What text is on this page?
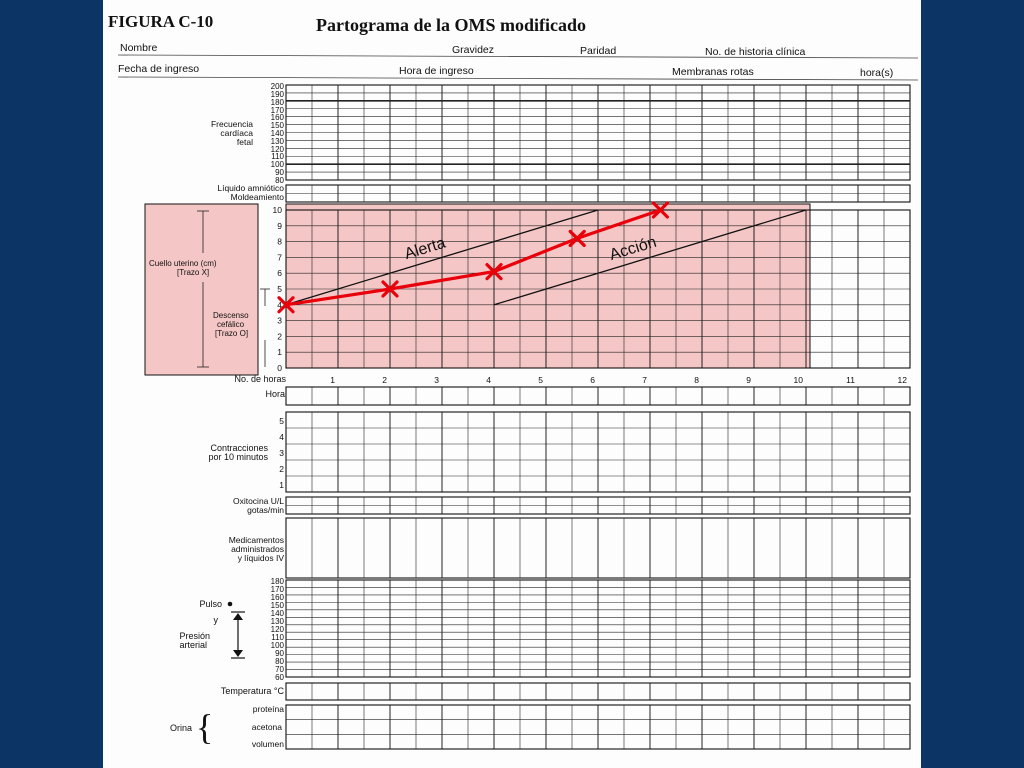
FIGURA C-10	Partograma de la OMS modificado
Nombre	Gravidez	Paridad	No. de historia clínica
Fecha de ingreso	Hora de ingreso	Membranas rotas	hora(s)
Frecuencia
cardíaca
fetal
200
190
180
170
160
150
140
130
120
110
100
90
80
Líquido amniótico
Moldeamiento
Cuello uterino (cm)
[Trazo X]
Descenso
cefálico
[Trazo O]
0
1
2
3
4
5
6
7
8
9
10
Alerta	Acción
No. de horas	1	2	3	4	5	6	7	8	9	10	11	12
Hora
Contracciones
por 10 minutos
5
4
3
2
1
Oxitocina U/L
gotas/min
Medicamentos
administrados
y líquidos IV
Pulso
y
Presión
arterial
180
170
160
150
140
130
120
110
100
90
80
70
60
Temperatura °C
Orina {	proteína
acetona
volumen
